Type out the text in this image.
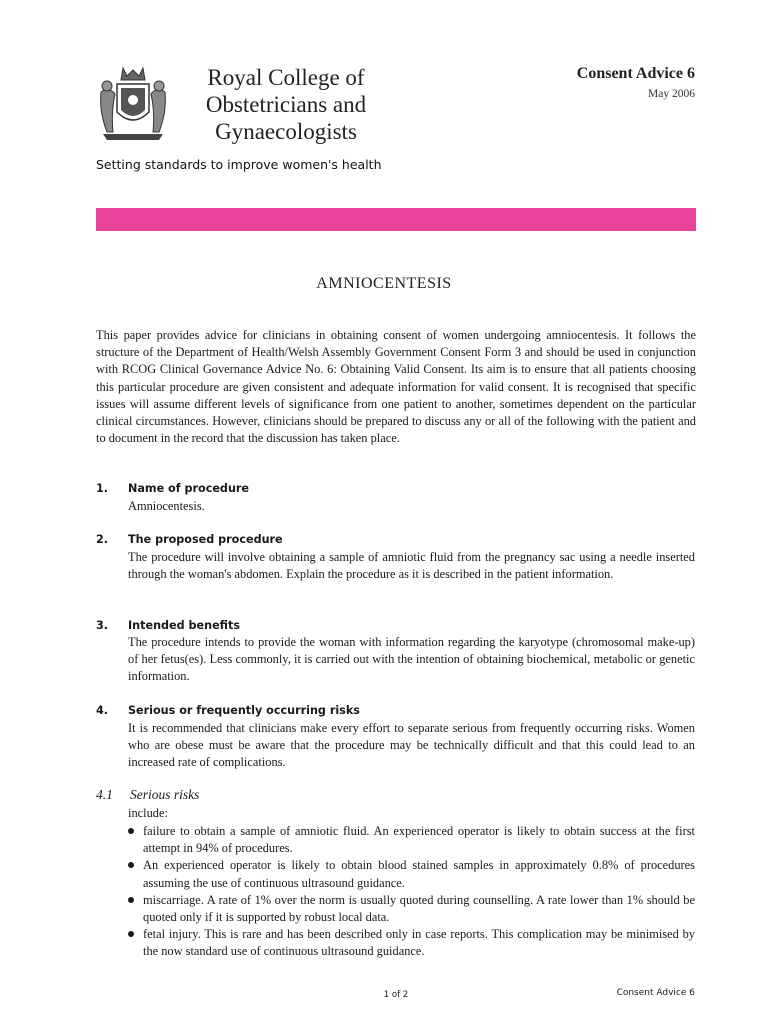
Royal College of Obstetricians and Gynaecologists
Setting standards to improve women's health
Consent Advice 6
May 2006
AMNIOCENTESIS
This paper provides advice for clinicians in obtaining consent of women undergoing amniocentesis. It follows the structure of the Department of Health/Welsh Assembly Government Consent Form 3 and should be used in conjunction with RCOG Clinical Governance Advice No. 6: Obtaining Valid Consent. Its aim is to ensure that all patients choosing this particular procedure are given consistent and adequate information for valid consent. It is recognised that specific issues will assume different levels of significance from one patient to another, sometimes dependent on the particular clinical circumstances. However, clinicians should be prepared to discuss any or all of the following with the patient and to document in the record that the discussion has taken place.
1. Name of procedure
Amniocentesis.
2. The proposed procedure
The procedure will involve obtaining a sample of amniotic fluid from the pregnancy sac using a needle inserted through the woman's abdomen. Explain the procedure as it is described in the patient information.
3. Intended benefits
The procedure intends to provide the woman with information regarding the karyotype (chromosomal make-up) of her fetus(es). Less commonly, it is carried out with the intention of obtaining biochemical, metabolic or genetic information.
4. Serious or frequently occurring risks
It is recommended that clinicians make every effort to separate serious from frequently occurring risks. Women who are obese must be aware that the procedure may be technically difficult and that this could lead to an increased rate of complications.
4.1 Serious risks
include:
failure to obtain a sample of amniotic fluid. An experienced operator is likely to obtain success at the first attempt in 94% of procedures.
An experienced operator is likely to obtain blood stained samples in approximately 0.8% of procedures assuming the use of continuous ultrasound guidance.
miscarriage. A rate of 1% over the norm is usually quoted during counselling. A rate lower than 1% should be quoted only if it is supported by robust local data.
fetal injury. This is rare and has been described only in case reports. This complication may be minimised by the now standard use of continuous ultrasound guidance.
1 of 2	Consent Advice 6
